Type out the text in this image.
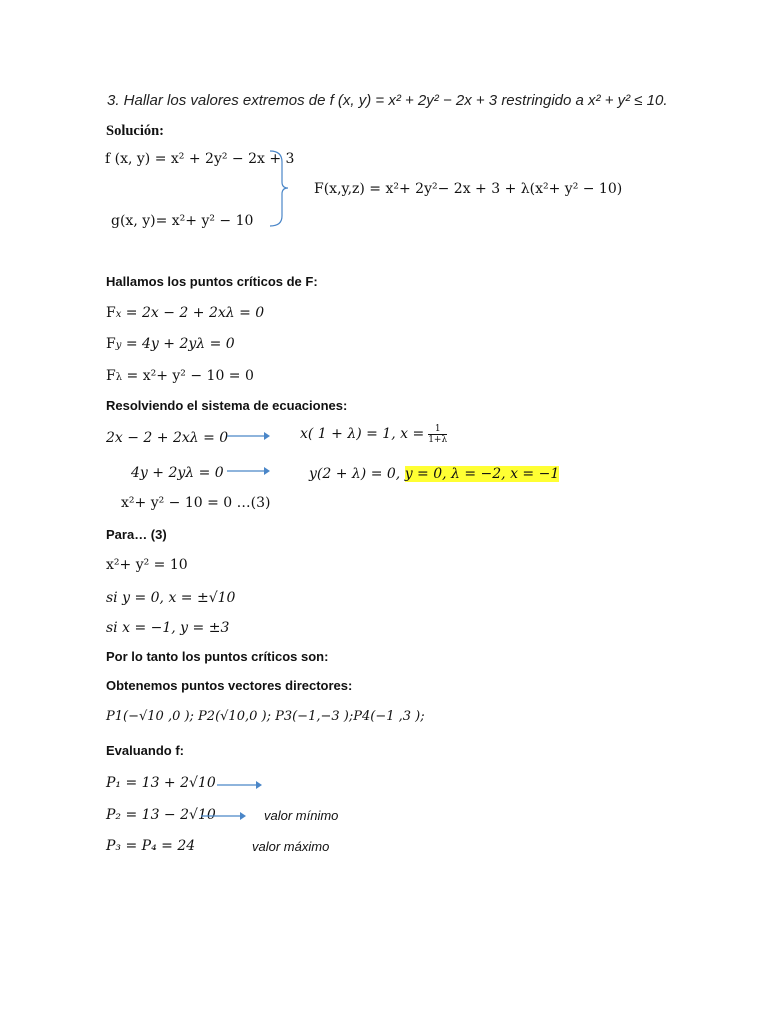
3. Hallar los valores extremos de f (x, y) = x² + 2y² − 2x + 3 restringido a x² + y² ≤ 10.
Solución:
f (x, y) = x² + 2y² − 2x + 3
g(x, y)= x²+ y² − 10
F(x,y,z) = x²+ 2y²− 2x + 3 + λ(x²+ y² − 10)
Hallamos los puntos críticos de F:
Fx = 2x − 2 + 2xλ = 0
Fy = 4y + 2yλ = 0
Fλ = x²+ y² − 10 = 0
Resolviendo el sistema de ecuaciones:
2x − 2 + 2xλ = 0	x( 1 + λ) = 1, $x = \frac{1}{1+\lambda}$
4y + 2yλ = 0	y(2 + λ) = 0, y = 0, λ = −2, x = −1
x²+ y² − 10 = 0 …(3)
Para… (3)
x²+ y² = 10
si y = 0, x = ±√10
si x = −1, y = ±3
Por lo tanto los puntos críticos son:
Obtenemos puntos vectores directores:
P1(−√10 ,0 ); P2(√10,0 ); P3(−1,−3 );P4(−1 ,3 );
Evaluando f:
P₁ = 13 + 2√10
P₂ = 13 − 2√10	valor mínimo
P₃ = P₄ = 24	valor máximo
